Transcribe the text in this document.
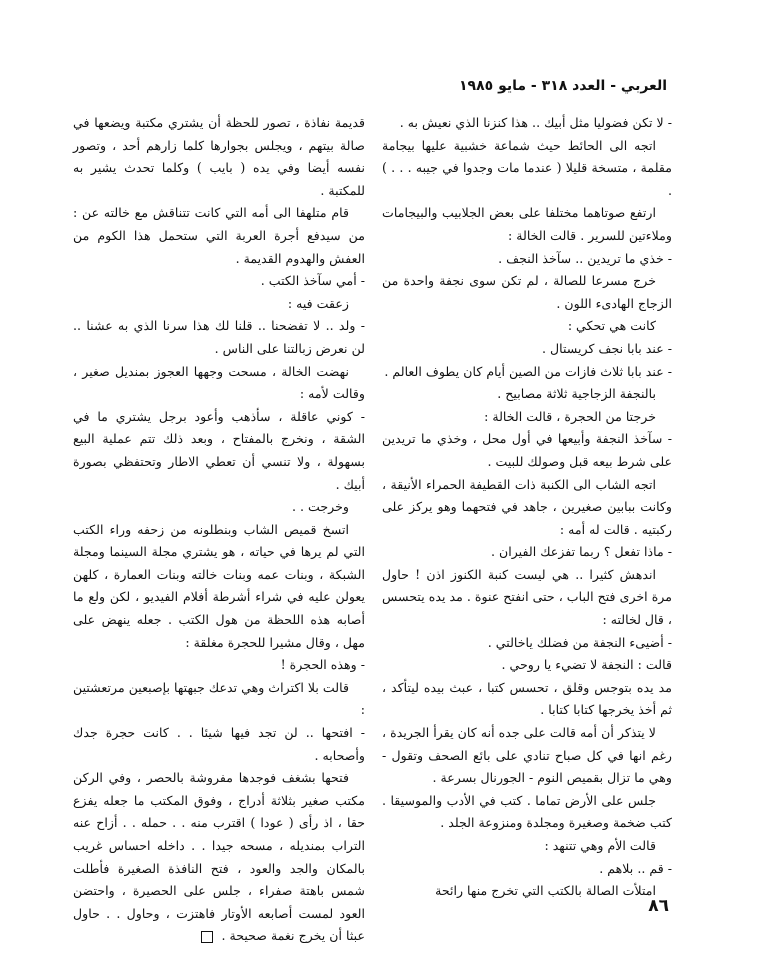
العربي - العدد ٣١٨ - مايو ١٩٨٥

- لا تكن فضوليا مثل أبيك .. هذا كنزنا الذي نعيش به .

اتجه الى الحائط حيث شماعة خشبية عليها بيجامة مقلمة ، متسخة قليلا ( عندما مات وجدوا في جيبه . . . ) .

ارتفع صوتاهما مختلفا على بعض الجلابيب والبيجامات وملاءتين للسرير . قالت الخالة :

- خذي ما تريدين .. سآخذ النجف .

خرج مسرعا للصالة ، لم تكن سوى نجفة واحدة من الزجاج الهادىء اللون .

كانت هي تحكي :

- عند بابا نجف كريستال .

- عند بابا ثلاث فازات من الصين أيام كان يطوف العالم .

بالنجفة الزجاجية ثلاثة مصابيح .

خرجتا من الحجرة ، قالت الخالة :

- سآخذ النجفة وأبيعها في أول محل ، وخذي ما تريدين على شرط بيعه قبل وصولك للبيت .

اتجه الشاب الى الكنبة ذات القطيفة الحمراء الأنيقة ، وكانت ببابين صغيرين ، جاهد في فتحهما وهو يركز على ركبتيه . قالت له أمه :

- ماذا تفعل ؟ ربما تفزعك الفيران .

اندهش كثيرا .. هي ليست كنبة الكنوز اذن ! حاول مرة اخرى فتح الباب ، حتى انفتح عنوة . مد يده يتحسس ، قال لخالته :

- أضيىء النجفة من فضلك ياخالتي .

قالت : النجفة لا تضيء يا روحي .

مد يده بتوجس وقلق ، تحسس كتبا ، عبث بيده ليتأكد ، ثم أخذ يخرجها كتابا كتابا .

لا يتذكر أن أمه قالت على جده أنه كان يقرأ الجريدة ، رغم انها في كل صباح تنادي على بائع الصحف وتقول - وهي ما تزال بقميص النوم - الجورنال بسرعة .

جلس على الأرض تماما . كتب في الأدب والموسيقا . كتب ضخمة وصغيرة ومجلدة ومنزوعة الجلد .

قالت الأم وهي تتنهد :

- قم .. بلاهم .

امتلأت الصالة بالكتب التي تخرج منها رائحة

قديمة نفاذة ، تصور للحظة أن يشتري مكتبة ويضعها في صالة بيتهم ، ويجلس بجوارها كلما زارهم أحد ، وتصور نفسه أيضا وفي يده ( بايب ) وكلما تحدث يشير به للمكتبة .

قام متلهفا الى أمه التي كانت تتناقش مع خالته عن : من سيدفع أجرة العربة التي ستحمل هذا الكوم من العفش والهدوم القديمة .

- أمي سآخذ الكتب .

زعقت فيه :

- ولد .. لا تفضحنا .. قلنا لك هذا سرنا الذي به عشنا .. لن نعرض زبالتنا على الناس .

نهضت الخالة ، مسحت وجهها العجوز بمنديل صغير ، وقالت لأمه :

- كوني عاقلة ، سأذهب وأعود برجل يشتري ما في الشقة ، ونخرج بالمفتاح ، وبعد ذلك تتم عملية البيع بسهولة ، ولا تنسي أن تعطي الاطار وتحتفظي بصورة أبيك .

وخرجت . .

اتسخ قميص الشاب وبنطلونه من زحفه وراء الكتب التي لم يرها في حياته ، هو يشتري مجلة السينما ومجلة الشبكة ، وبنات عمه وبنات خالته وبنات العمارة ، كلهن يعولن عليه في شراء أشرطة أفلام الفيديو ، لكن ولع ما أصابه هذه اللحظة من هول الكتب . جعله ينهض على مهل ، وقال مشيرا للحجرة مغلقة :

- وهذه الحجرة !

قالت بلا اكتراث وهي تدعك جبهتها بإصبعين مرتعشتين :

- افتحها .. لن تجد فيها شيئا . . كانت حجرة جدك وأصحابه .

فتحها بشغف فوجدها مفروشة بالحصر ، وفي الركن مكتب صغير بثلاثة أدراج ، وفوق المكتب ما جعله يفزع حقا ، اذ رأى ( عودا ) اقترب منه . . حمله . . أزاح عنه التراب بمنديله ، مسحه جيدا . . داخله احساس غريب بالمكان والجد والعود ، فتح النافذة الصغيرة فأطلت شمس باهتة صفراء ، جلس على الحصيرة ، واحتضن العود لمست أصابعه الأوتار فاهتزت ، وحاول . . حاول عبثا أن يخرج نغمة صحيحة .

٨٦
